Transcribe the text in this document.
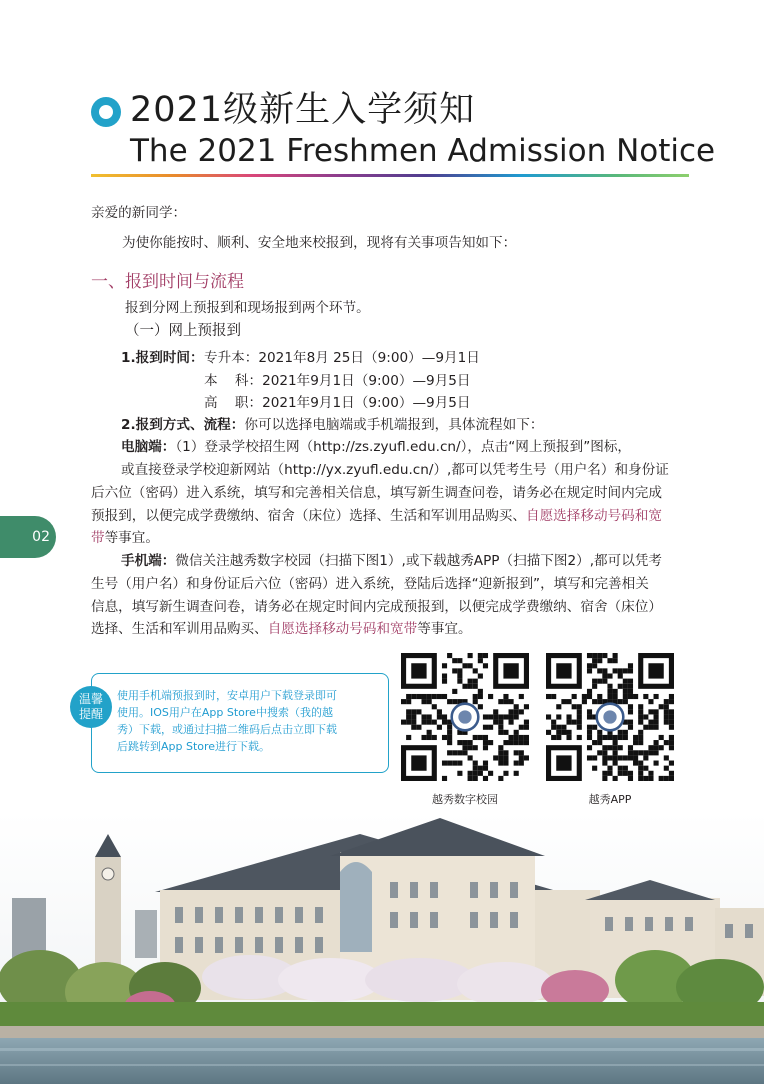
2021级新生入学须知
The 2021 Freshmen Admission Notice
亲爱的新同学：
为使你能按时、顺利、安全地来校报到，现将有关事项告知如下：
一、报到时间与流程
报到分网上预报到和现场报到两个环节。
（一）网上预报到
1.报到时间： 专升本：2021年8月 25日（9:00）—9月1日
本    科：2021年9月1日（9:00）—9月5日
高    职：2021年9月1日（9:00）—9月5日
2.报到方式、流程：你可以选择电脑端或手机端报到，具体流程如下：
电脑端：（1）登录学校招生网（http://zs.zyufl.edu.cn/），点击“网上预报到”图标，
或直接登录学校迎新网站（http://yx.zyufl.edu.cn/）,都可以凭考生号（用户名）和身份证
后六位（密码）进入系统，填写和完善相关信息，填写新生调查问卷，请务必在规定时间内完成
预报到，以便完成学费缴纳、宿舍（床位）选择、生活和军训用品购买、自愿选择移动号码和宽
带等事宜。
手机端：微信关注越秀数字校园（扫描下图1）,或下载越秀APP（扫描下图2）,都可以凭考
生号（用户名）和身份证后六位（密码）进入系统，登陆后选择“迎新报到”，填写和完善相关
信息，填写新生调查问卷，请务必在规定时间内完成预报到，以便完成学费缴纳、宿舍（床位）
选择、生活和军训用品购买、自愿选择移动号码和宽带等事宜。
02
温馨
提醒
使用手机端预报到时，安卓用户下载登录即可
使用。IOS用户在App Store中搜索（我的越
秀）下载，或通过扫描二维码后点击立即下载
后跳转到App Store进行下载。
越秀数字校园	越秀APP
